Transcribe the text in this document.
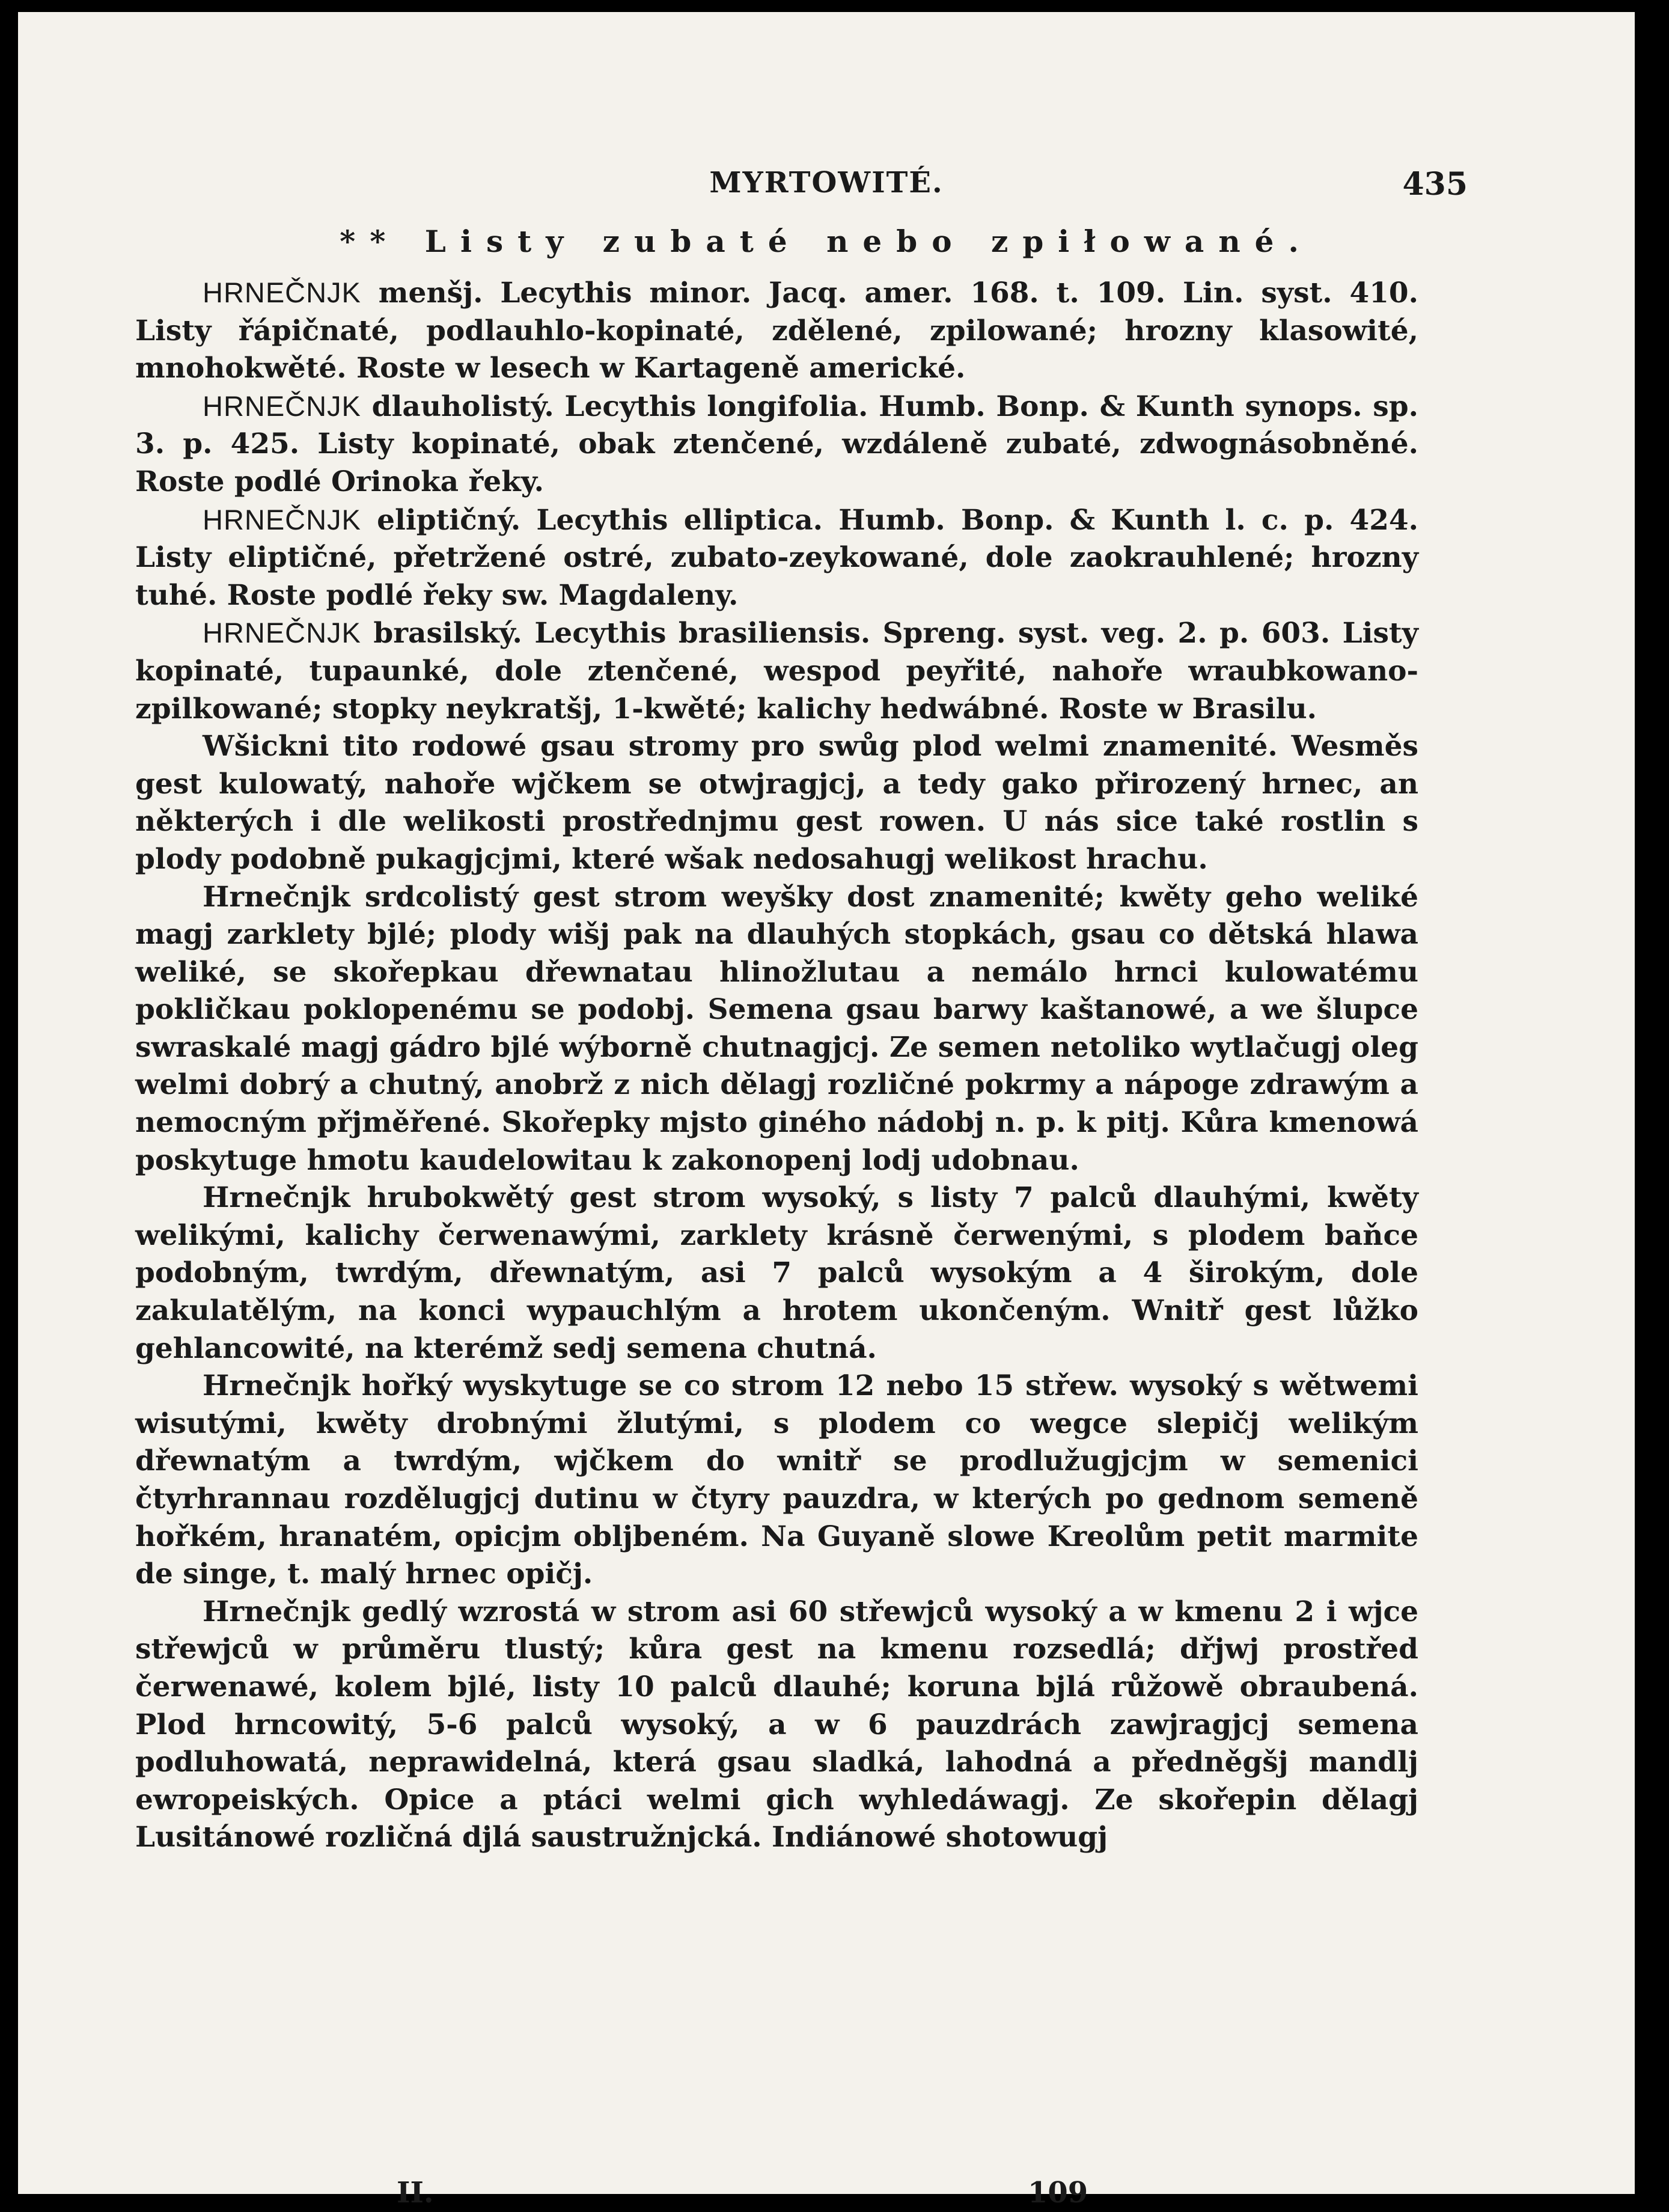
MYRTOWITÉ.	435
** Listy zubaté nebo zpiłowané.

HRNEČNJK menšj. Lecythis minor. Jacq. amer. 168. t. 109. Lin. syst. 410. Listy řápičnaté, podlauhlo-kopinaté, zdělené, zpilowané; hrozny klasowité, mnohokwěté. Roste w lesech w Kartageně americké.

HRNEČNJK dlauholistý. Lecythis longifolia. Humb. Bonp. & Kunth synops. sp. 3. p. 425. Listy kopinaté, obak ztenčené, wzdáleně zubaté, zdwognásobněné. Roste podlé Orinoka řeky.

HRNEČNJK eliptičný. Lecythis elliptica. Humb. Bonp. & Kunth l. c. p. 424. Listy eliptičné, přetržené ostré, zubato-zeykowané, dole zaokrauhlené; hrozny tuhé. Roste podlé řeky sw. Magdaleny.

HRNEČNJK brasilský. Lecythis brasiliensis. Spreng. syst. veg. 2. p. 603. Listy kopinaté, tupaunké, dole ztenčené, wespod peyřité, nahoře wraubkowano-zpilkowané; stopky neykratšj, 1-kwěté; kalichy hedwábné. Roste w Brasilu.

Wšickni tito rodowé gsau stromy pro swůg plod welmi znamenité. Wesměs gest kulowatý, nahoře wjčkem se otwjragjcj, a tedy gako přirozený hrnec, an některých i dle welikosti prostřednjmu gest rowen. U nás sice také rostlin s plody podobně pukagjcjmi, které wšak nedosahugj welikost hrachu.

Hrnečnjk srdcolistý gest strom weyšky dost znamenité; kwěty geho weliké magj zarklety bjlé; plody wišj pak na dlauhých stopkách, gsau co dětská hlawa weliké, se skořepkau dřewnatau hlinožlutau a nemálo hrnci kulowatému pokličkau poklopenému se podobj. Semena gsau barwy kaštanowé, a we šlupce swraskalé magj gádro bjlé wýborně chutnagjcj. Ze semen netoliko wytlačugj oleg welmi dobrý a chutný, anobrž z nich dělagj rozličné pokrmy a nápoge zdrawým a nemocným přjměřené. Skořepky mjsto giného nádobj n. p. k pitj. Kůra kmenowá poskytuge hmotu kaudelowitau k zakonopenj lodj udobnau.

Hrnečnjk hrubokwětý gest strom wysoký, s listy 7 palců dlauhými, kwěty welikými, kalichy čerwenawými, zarklety krásně čerwenými, s plodem baňce podobným, twrdým, dřewnatým, asi 7 palců wysokým a 4 širokým, dole zakulatělým, na konci wypauchlým a hrotem ukončeným. Wnitř gest lůžko gehlancowité, na kterémž sedj semena chutná.

Hrnečnjk hořký wyskytuge se co strom 12 nebo 15 střew. wysoký s wětwemi wisutými, kwěty drobnými žlutými, s plodem co wegce slepičj welikým dřewnatým a twrdým, wjčkem do wnitř se prodlužugjcjm w semenici čtyrhrannau rozdělugjcj dutinu w čtyry pauzdra, w kterých po gednom semeně hořkém, hranatém, opicjm obljbeném. Na Guyaně slowe Kreolům petit marmite de singe, t. malý hrnec opičj.

Hrnečnjk gedlý wzrostá w strom asi 60 střewjců wysoký a w kmenu 2 i wjce střewjců w průměru tlustý; kůra gest na kmenu rozsedlá; dřjwj prostřed čerwenawé, kolem bjlé, listy 10 palců dlauhé; koruna bjlá růžowě obraubená. Plod hrncowitý, 5-6 palců wysoký, a w 6 pauzdrách zawjragjcj semena podluhowatá, neprawidelná, která gsau sladká, lahodná a předněgšj mandlj ewropeiských. Opice a ptáci welmi gich wyhledáwagj. Ze skořepin dělagj Lusitánowé rozličná djlá saustružnjcká. Indiánowé shotowugj

II.	109
